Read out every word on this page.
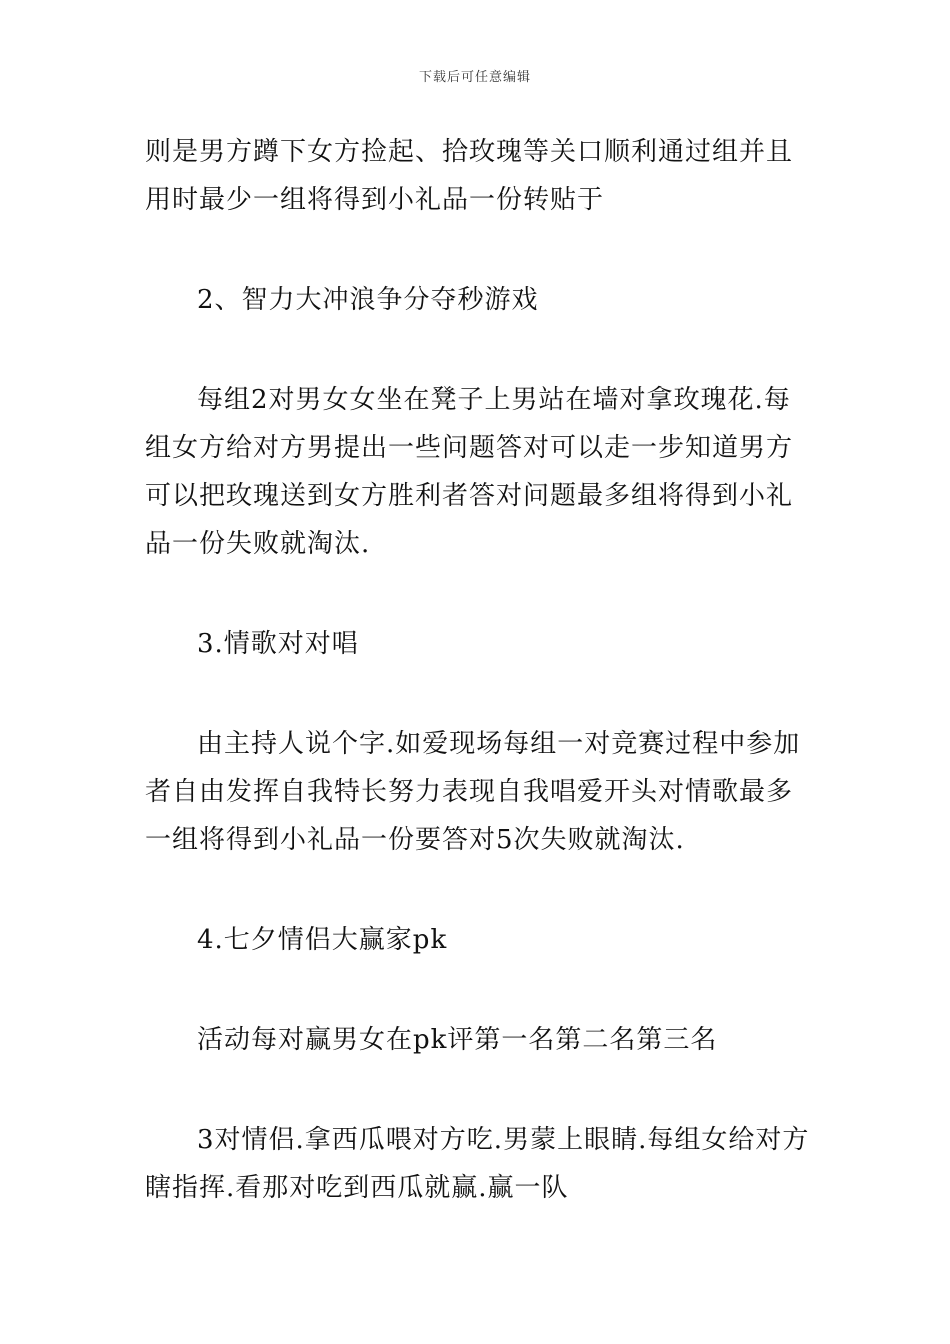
下载后可任意编辑

则是男方蹲下女方捡起、拾玫瑰等关口顺利通过组并且用时最少一组将得到小礼品一份转贴于

2、智力大冲浪争分夺秒游戏

每组2对男女女坐在凳子上男站在墙对拿玫瑰花.每组女方给对方男提出一些问题答对可以走一步知道男方可以把玫瑰送到女方胜利者答对问题最多组将得到小礼品一份失败就淘汰.

3.情歌对对唱

由主持人说个字.如爱现场每组一对竞赛过程中参加者自由发挥自我特长努力表现自我唱爱开头对情歌最多一组将得到小礼品一份要答对5次失败就淘汰.

4.七夕情侣大赢家pk

活动每对赢男女在pk评第一名第二名第三名

3对情侣.拿西瓜喂对方吃.男蒙上眼睛.每组女给对方瞎指挥.看那对吃到西瓜就赢.赢一队
